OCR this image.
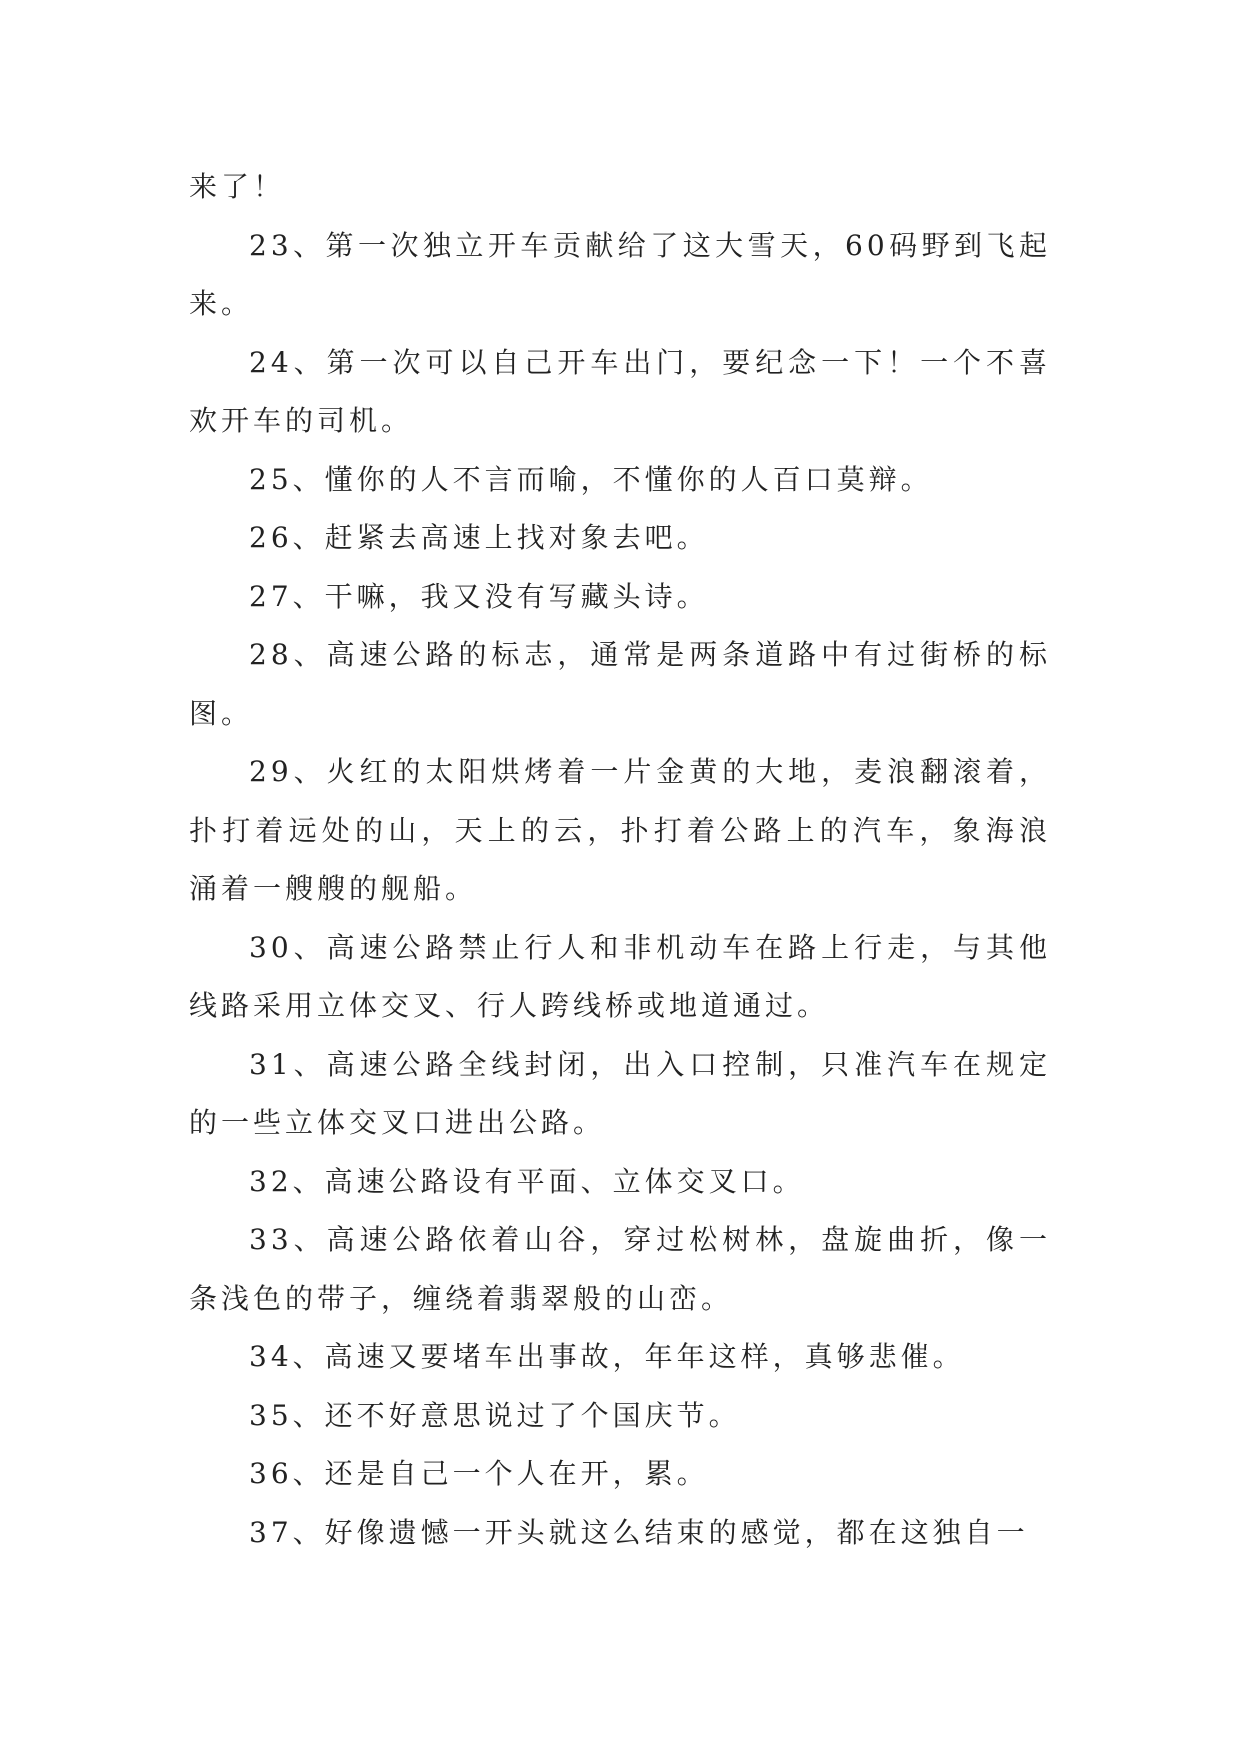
来了！

23、第一次独立开车贡献给了这大雪天，60码野到飞起来。

24、第一次可以自己开车出门，要纪念一下！一个不喜欢开车的司机。

25、懂你的人不言而喻，不懂你的人百口莫辩。

26、赶紧去高速上找对象去吧。

27、干嘛，我又没有写藏头诗。

28、高速公路的标志，通常是两条道路中有过街桥的标图。

29、火红的太阳烘烤着一片金黄的大地，麦浪翻滚着，扑打着远处的山，天上的云，扑打着公路上的汽车，象海浪涌着一艘艘的舰船。

30、高速公路禁止行人和非机动车在路上行走，与其他线路采用立体交叉、行人跨线桥或地道通过。

31、高速公路全线封闭，出入口控制，只准汽车在规定的一些立体交叉口进出公路。

32、高速公路设有平面、立体交叉口。

33、高速公路依着山谷，穿过松树林，盘旋曲折，像一条浅色的带子，缠绕着翡翠般的山峦。

34、高速又要堵车出事故，年年这样，真够悲催。

35、还不好意思说过了个国庆节。

36、还是自己一个人在开，累。

37、好像遗憾一开头就这么结束的感觉，都在这独自一
